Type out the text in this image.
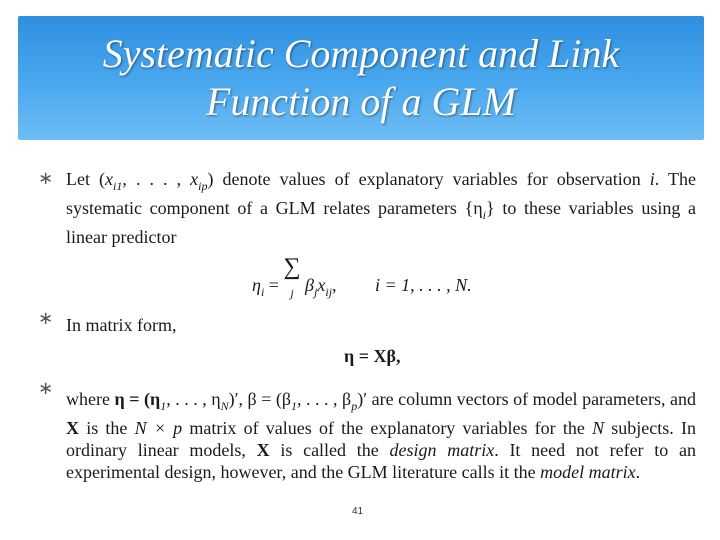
Systematic Component and Link
Function of a GLM
∗ Let ($x_{i1}$, . . . , $x_{ip}$) denote values of explanatory variables for observation i. The systematic component of a GLM relates parameters $\{\eta_i\}$ to these variables using a linear predictor
$\eta_i$ = ∑
j $\beta_jx_{ij}$, i = 1, . . . , N.
∗ In matrix form,
η = Xβ,
∗ where $\eta = (\eta_1$, . . . , $\eta_N)'$, $\beta = (\beta_1$, . . . , $\beta_p)'$ are column vectors of model parameters, and X is the N × p matrix of values of the explanatory variables for the N subjects. In ordinary linear models, X is called the design matrix. It need not refer to an experimental design, however, and the GLM literature calls it the model matrix.
41
